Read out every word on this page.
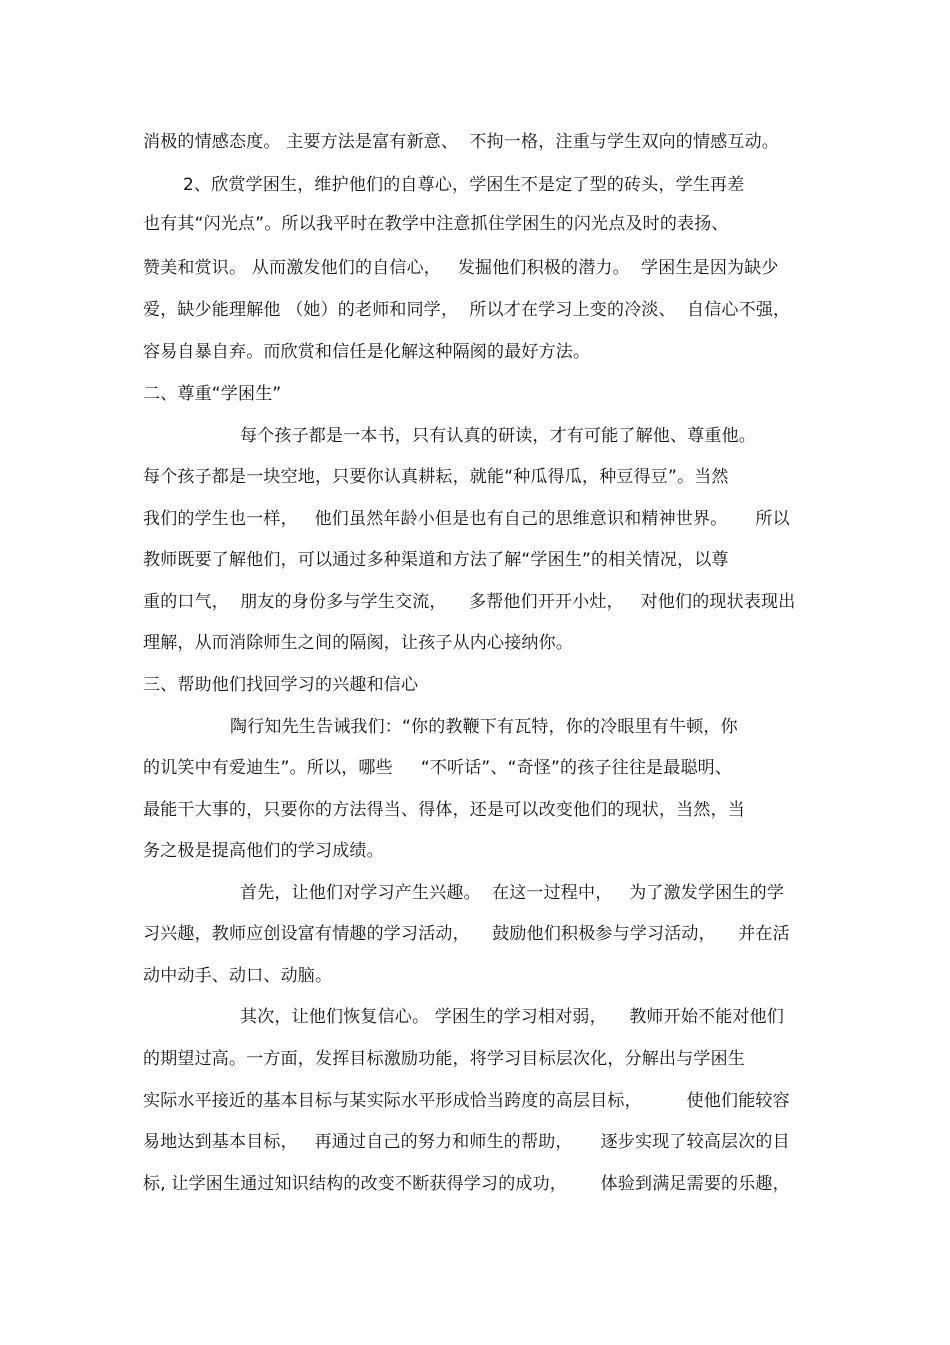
消极的情感态度。 主要方法是富有新意、  不拘一格，注重与学生双向的情感互动。
2、欣赏学困生，维护他们的自尊心，学困生不是定了型的砖头，学生再差
也有其“闪光点”。所以我平时在教学中注意抓住学困生的闪光点及时的表扬、
赞美和赏识。 从而激发他们的自信心，   发掘他们积极的潜力。  学困生是因为缺少
爱，缺少能理解他 （她）的老师和同学，  所以才在学习上变的冷淡、  自信心不强，
容易自暴自弃。而欣赏和信任是化解这种隔阂的最好方法。
二、尊重“学困生”
每个孩子都是一本书，只有认真的研读，才有可能了解他、尊重他。
每个孩子都是一块空地，只要你认真耕耘，就能“种瓜得瓜，种豆得豆”。当然
我们的学生也一样，   他们虽然年龄小但是也有自己的思维意识和精神世界。     所以
教师既要了解他们，可以通过多种渠道和方法了解“学困生”的相关情况，以尊
重的口气，  朋友的身份多与学生交流，    多帮他们开开小灶，   对他们的现状表现出
理解，从而消除师生之间的隔阂，让孩子从内心接纳你。
三、帮助他们找回学习的兴趣和信心
陶行知先生告诫我们：“你的教鞭下有瓦特，你的冷眼里有牛顿，你
的讥笑中有爱迪生”。所以，哪些     “不听话”、“奇怪”的孩子往往是最聪明、
最能干大事的，只要你的方法得当、得体，还是可以改变他们的现状，当然，当
务之极是提高他们的学习成绩。
首先，让他们对学习产生兴趣。  在这一过程中，   为了激发学困生的学
习兴趣，教师应创设富有情趣的学习活动，    鼓励他们积极参与学习活动，    并在活
动中动手、动口、动脑。
其次，让他们恢复信心。 学困生的学习相对弱，    教师开始不能对他们
的期望过高。一方面，发挥目标激励功能，将学习目标层次化，分解出与学困生
实际水平接近的基本目标与某实际水平形成恰当跨度的高层目标，        使他们能较容
易地达到基本目标，   再通过自己的努力和师生的帮助，     逐步实现了较高层次的目
标, 让学困生通过知识结构的改变不断获得学习的成功，      体验到满足需要的乐趣，
